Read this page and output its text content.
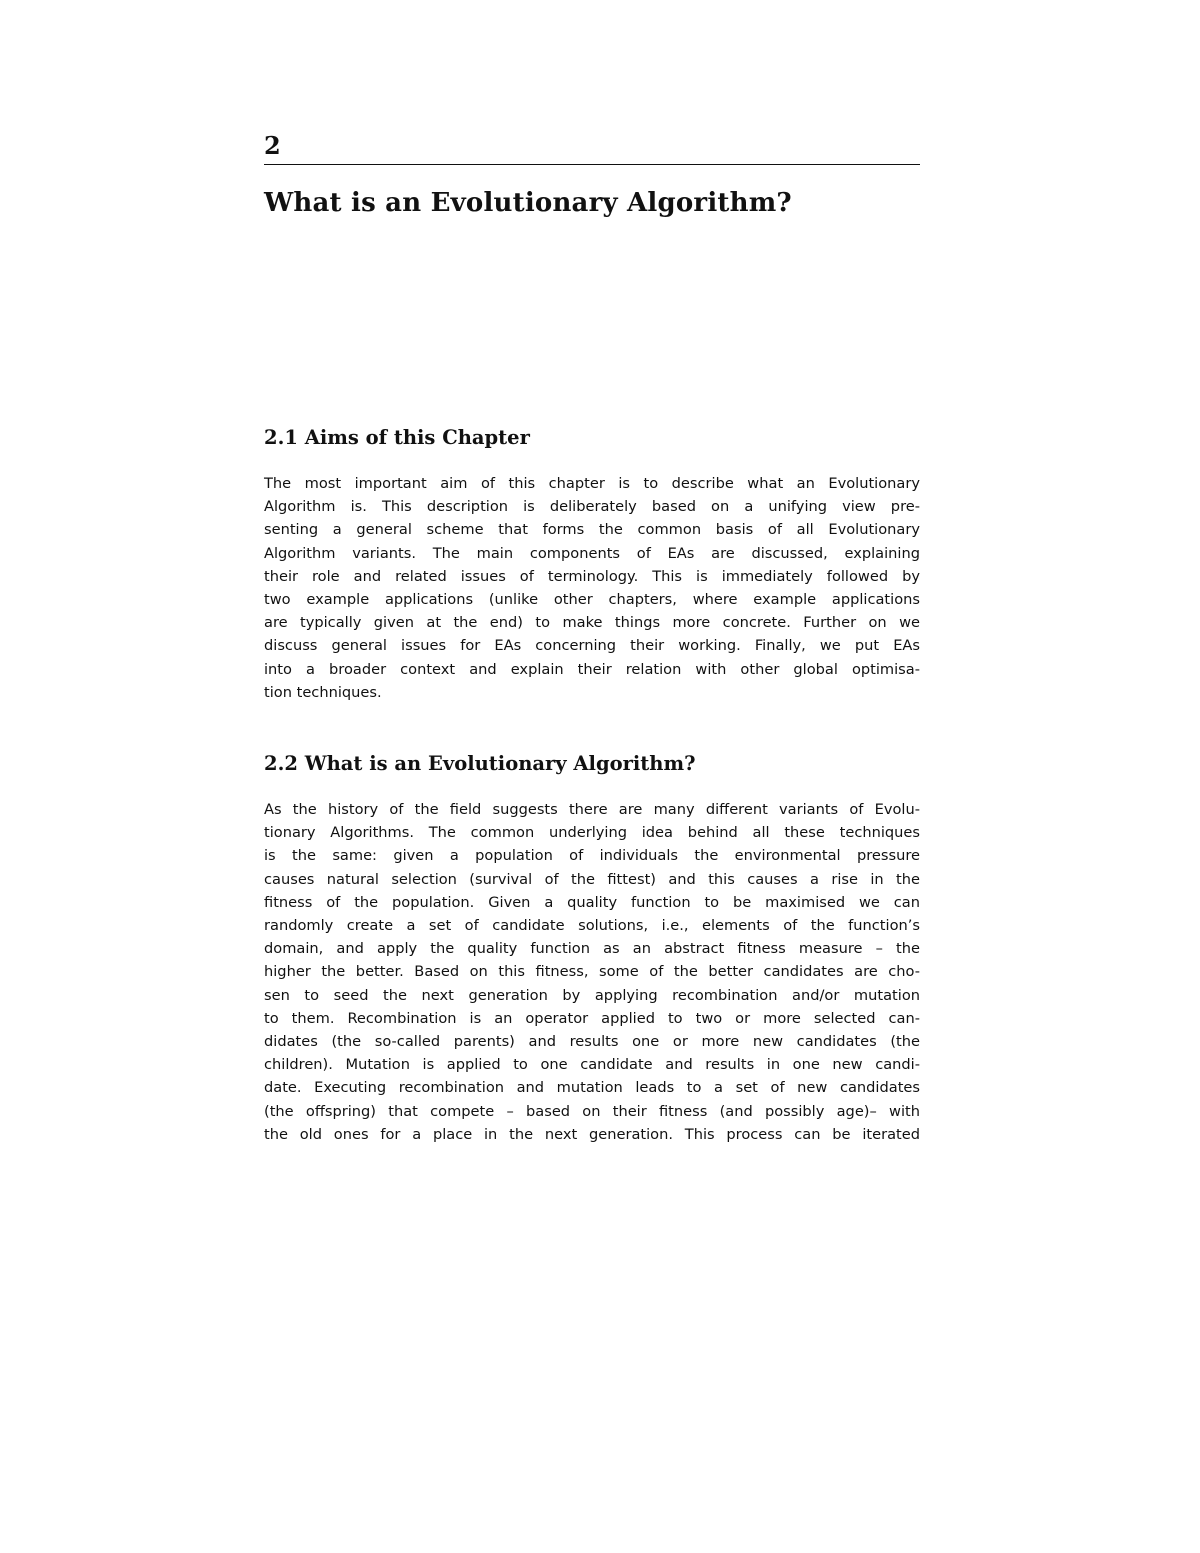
2
What is an Evolutionary Algorithm?
2.1 Aims of this Chapter
The most important aim of this chapter is to describe what an Evolutionary
Algorithm is. This description is deliberately based on a unifying view pre-
senting a general scheme that forms the common basis of all Evolutionary
Algorithm variants. The main components of EAs are discussed, explaining
their role and related issues of terminology. This is immediately followed by
two example applications (unlike other chapters, where example applications
are typically given at the end) to make things more concrete. Further on we
discuss general issues for EAs concerning their working. Finally, we put EAs
into a broader context and explain their relation with other global optimisa-
tion techniques.
2.2 What is an Evolutionary Algorithm?
As the history of the field suggests there are many different variants of Evolu-
tionary Algorithms. The common underlying idea behind all these techniques
is the same: given a population of individuals the environmental pressure
causes natural selection (survival of the fittest) and this causes a rise in the
fitness of the population. Given a quality function to be maximised we can
randomly create a set of candidate solutions, i.e., elements of the function’s
domain, and apply the quality function as an abstract fitness measure – the
higher the better. Based on this fitness, some of the better candidates are cho-
sen to seed the next generation by applying recombination and/or mutation
to them. Recombination is an operator applied to two or more selected can-
didates (the so-called parents) and results one or more new candidates (the
children). Mutation is applied to one candidate and results in one new candi-
date. Executing recombination and mutation leads to a set of new candidates
(the offspring) that compete – based on their fitness (and possibly age)– with
the old ones for a place in the next generation. This process can be iterated
